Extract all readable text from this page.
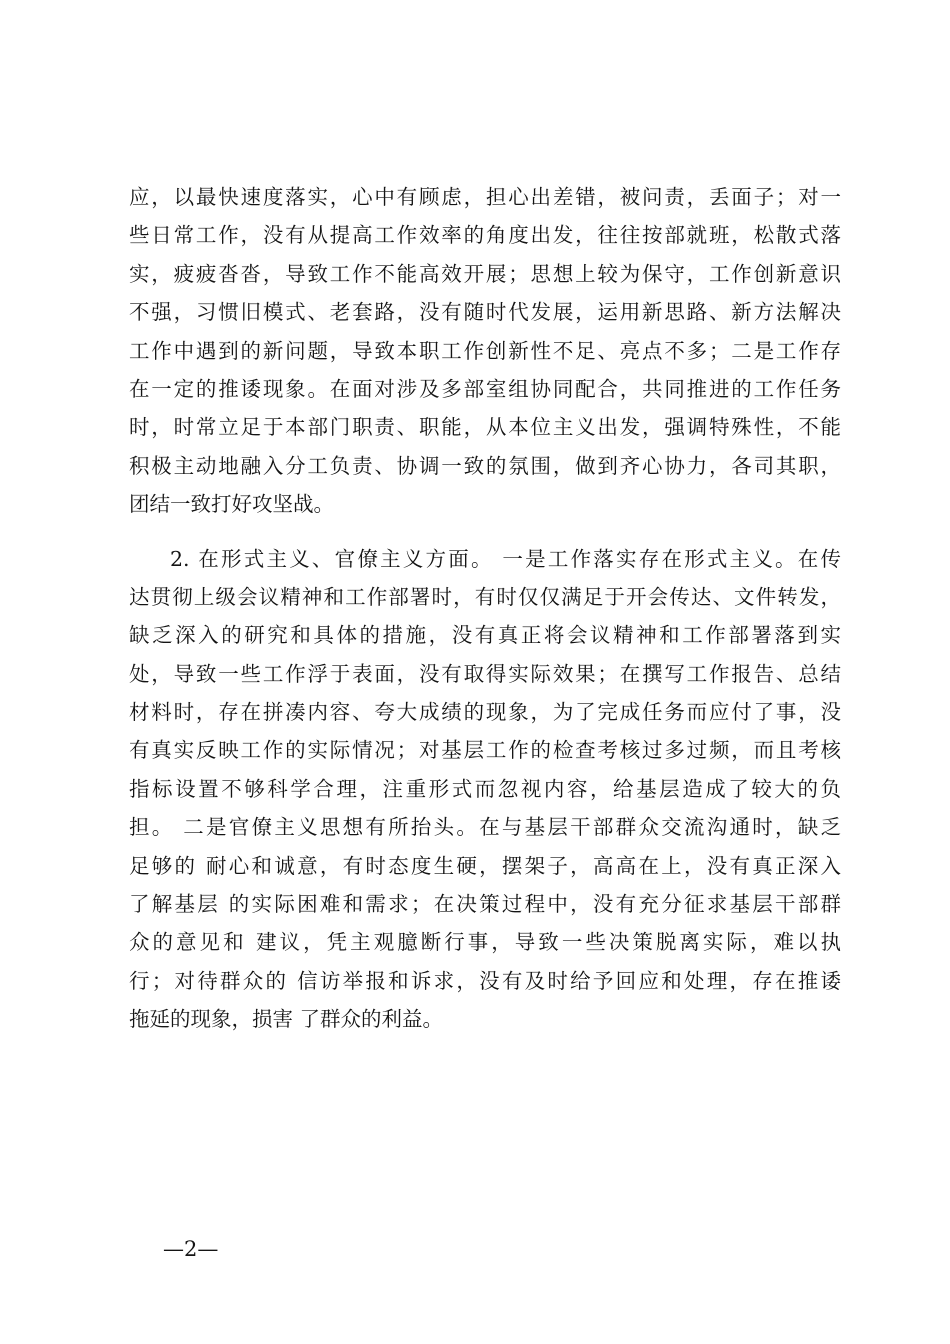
应，以最快速度落实，心中有顾虑，担心出差错，被问责，丢面子；对一
些日常工作，没有从提高工作效率的角度出发，往往按部就班，松散式落
实，疲疲沓沓，导致工作不能高效开展；思想上较为保守，工作创新意识
不强，习惯旧模式、老套路，没有随时代发展，运用新思路、新方法解决
工作中遇到的新问题，导致本职工作创新性不足、亮点不多；二是工作存
在一定的推诿现象。在面对涉及多部室组协同配合，共同推进的工作任务
时，时常立足于本部门职责、职能，从本位主义出发，强调特殊性，不能
积极主动地融入分工负责、协调一致的氛围，做到齐心协力，各司其职，
团结一致打好攻坚战。
2. 在形式主义、官僚主义方面。 一是工作落实存在形式主义。在传
达贯彻上级会议精神和工作部署时，有时仅仅满足于开会传达、文件转发，
缺乏深入的研究和具体的措施，没有真正将会议精神和工作部署落到实
处，导致一些工作浮于表面，没有取得实际效果；在撰写工作报告、总结
材料时，存在拼凑内容、夸大成绩的现象，为了完成任务而应付了事，没
有真实反映工作的实际情况；对基层工作的检查考核过多过频，而且考核
指标设置不够科学合理，注重形式而忽视内容，给基层造成了较大的负
担。 二是官僚主义思想有所抬头。在与基层干部群众交流沟通时，缺乏
足够的 耐心和诚意，有时态度生硬，摆架子，高高在上，没有真正深入
了解基层 的实际困难和需求；在决策过程中，没有充分征求基层干部群
众的意见和 建议，凭主观臆断行事，导致一些决策脱离实际，难以执
行；对待群众的 信访举报和诉求，没有及时给予回应和处理，存在推诿
拖延的现象，损害 了群众的利益。
—2—
